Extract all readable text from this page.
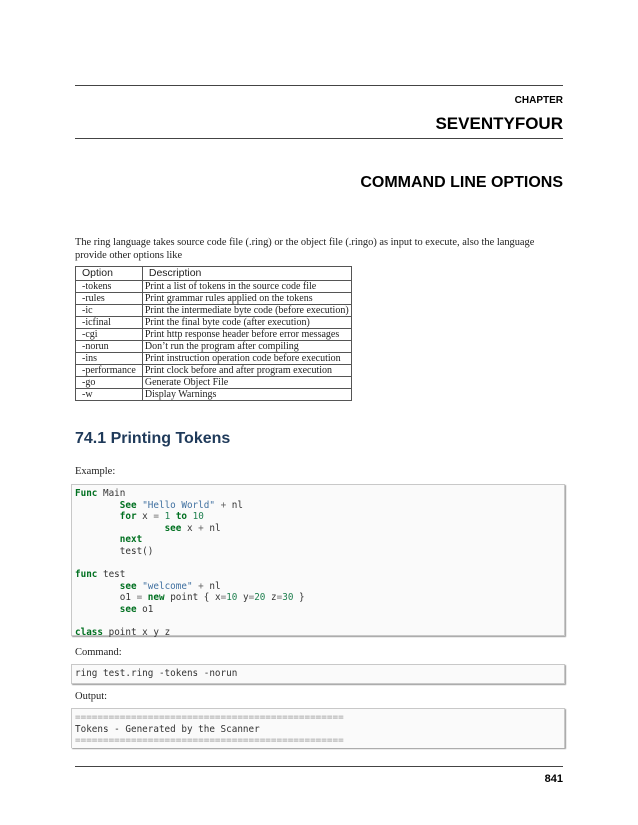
CHAPTER
SEVENTYFOUR
COMMAND LINE OPTIONS
The ring language takes source code file (.ring) or the object file (.ringo) as input to execute, also the language provide other options like
Option	Description
-tokens	Print a list of tokens in the source code file
-rules	Print grammar rules applied on the tokens
-ic	Print the intermediate byte code (before execution)
-icfinal	Print the final byte code (after execution)
-cgi	Print http response header before error messages
-norun	Don’t run the program after compiling
-ins	Print instruction operation code before execution
-performance	Print clock before and after program execution
-go	Generate Object File
-w	Display Warnings
74.1 Printing Tokens
Example:
Func Main
See "Hello World" + nl
for x = 1 to 10
see x + nl
next
test()

func test
see "welcome" + nl
o1 = new point { x=10 y=20 z=30 }
see o1

class point x y z
Command:
ring test.ring -tokens -norun
Output:
================================================
Tokens - Generated by the Scanner
================================================
841
